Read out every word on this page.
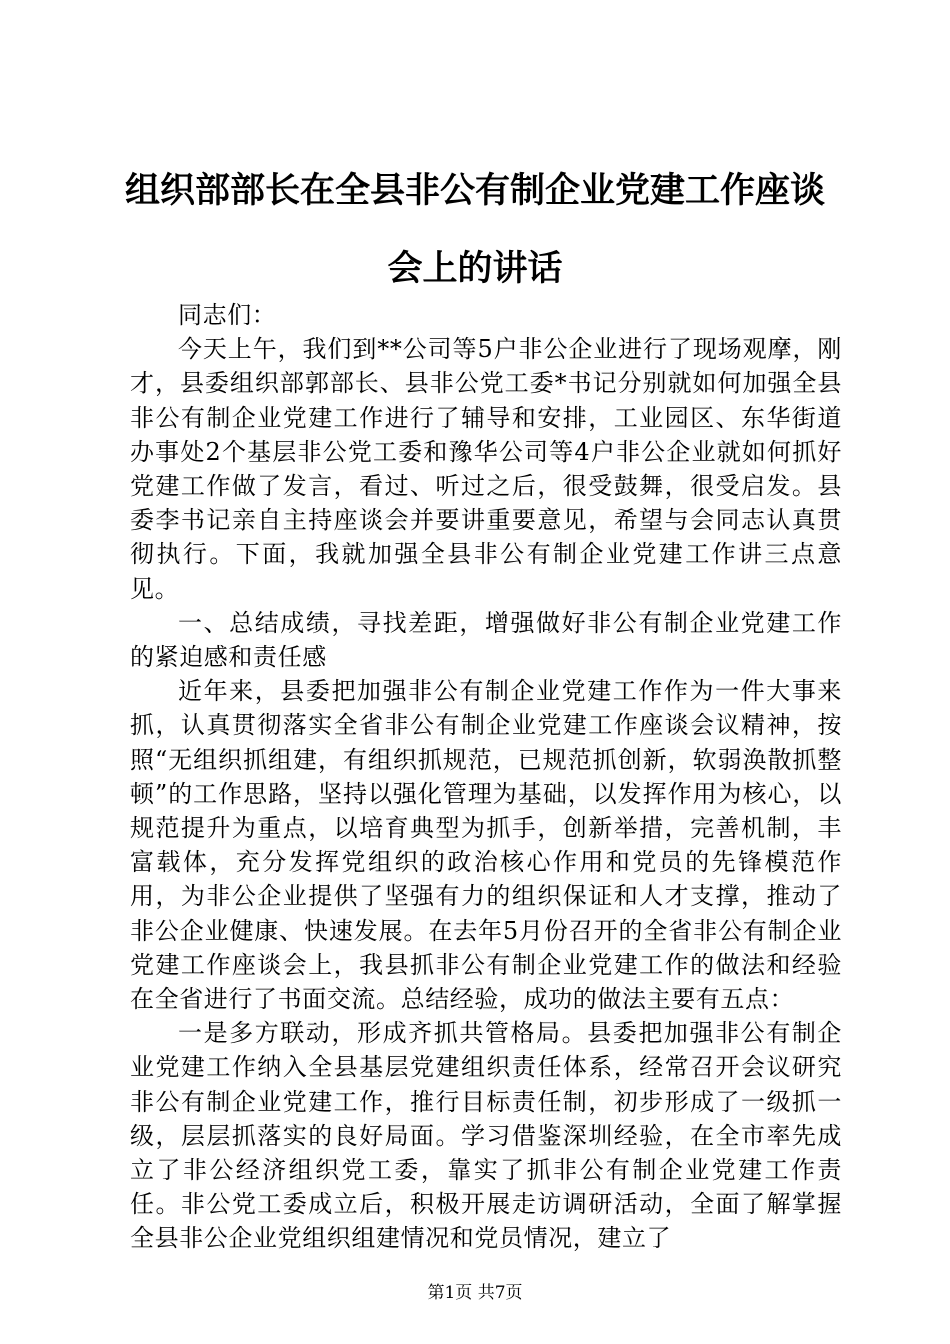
组织部部长在全县非公有制企业党建工作座谈
会上的讲话

同志们：

今天上午，我们到**公司等5户非公企业进行了现场观摩，刚才，县委组织部郭部长、县非公党工委*书记分别就如何加强全县非公有制企业党建工作进行了辅导和安排，工业园区、东华街道办事处2个基层非公党工委和豫华公司等4户非公企业就如何抓好党建工作做了发言，看过、听过之后，很受鼓舞，很受启发。县委李书记亲自主持座谈会并要讲重要意见，希望与会同志认真贯彻执行。下面，我就加强全县非公有制企业党建工作讲三点意见。

一、总结成绩，寻找差距，增强做好非公有制企业党建工作的紧迫感和责任感

近年来，县委把加强非公有制企业党建工作作为一件大事来抓，认真贯彻落实全省非公有制企业党建工作座谈会议精神，按照“无组织抓组建，有组织抓规范，已规范抓创新，软弱涣散抓整顿”的工作思路，坚持以强化管理为基础，以发挥作用为核心，以规范提升为重点，以培育典型为抓手，创新举措，完善机制，丰富载体，充分发挥党组织的政治核心作用和党员的先锋模范作用，为非公企业提供了坚强有力的组织保证和人才支撑，推动了非公企业健康、快速发展。在去年5月份召开的全省非公有制企业党建工作座谈会上，我县抓非公有制企业党建工作的做法和经验在全省进行了书面交流。总结经验，成功的做法主要有五点：

一是多方联动，形成齐抓共管格局。县委把加强非公有制企业党建工作纳入全县基层党建组织责任体系，经常召开会议研究非公有制企业党建工作，推行目标责任制，初步形成了一级抓一级，层层抓落实的良好局面。学习借鉴深圳经验，在全市率先成立了非公经济组织党工委，靠实了抓非公有制企业党建工作责任。非公党工委成立后，积极开展走访调研活动，全面了解掌握全县非公企业党组织组建情况和党员情况，建立了

第1页 共7页
